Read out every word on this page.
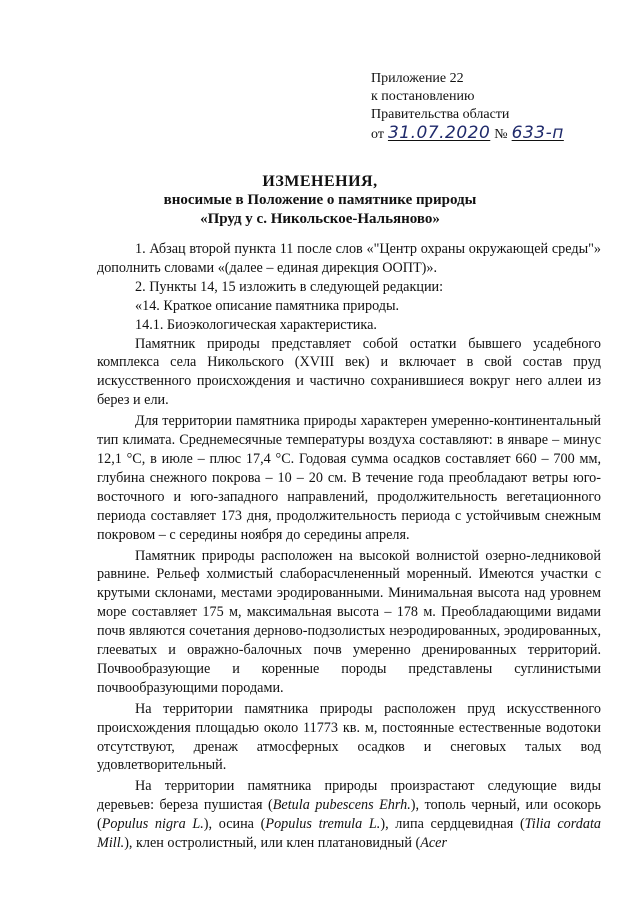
Приложение 22
к постановлению
Правительства области
от 31.07.2020 № 633-п
ИЗМЕНЕНИЯ,
вносимые в Положение о памятнике природы
«Пруд у с. Никольское-Нальяново»

1. Абзац второй пункта 11 после слов «"Центр охраны окружающей среды"» дополнить словами «(далее – единая дирекция ООПТ)».

2. Пункты 14, 15 изложить в следующей редакции:

«14. Краткое описание памятника природы.

14.1. Биоэкологическая характеристика.

Памятник природы представляет собой остатки бывшего усадебного комплекса села Никольского (XVIII век) и включает в свой состав пруд искусственного происхождения и частично сохранившиеся вокруг него аллеи из берез и ели.

Для территории памятника природы характерен умеренно-континентальный тип климата. Среднемесячные температуры воздуха составляют: в январе – минус 12,1 °С, в июле – плюс 17,4 °С. Годовая сумма осадков составляет 660 – 700 мм, глубина снежного покрова – 10 – 20 см. В течение года преобладают ветры юго-восточного и юго-западного направлений, продолжительность вегетационного периода составляет 173 дня, продолжительность периода с устойчивым снежным покровом – с середины ноября до середины апреля.

Памятник природы расположен на высокой волнистой озерно-ледниковой равнине. Рельеф холмистый слаборасчлененный моренный. Имеются участки с крутыми склонами, местами эродированными. Минимальная высота над уровнем море составляет 175 м, максимальная высота – 178 м. Преобладающими видами почв являются сочетания дерново-подзолистых неэродированных, эродированных, глееватых и овражно-балочных почв умеренно дренированных территорий. Почвообразующие и коренные породы представлены суглинистыми почвообразующими породами.

На территории памятника природы расположен пруд искусственного происхождения площадью около 11773 кв. м, постоянные естественные водотоки отсутствуют, дренаж атмосферных осадков и снеговых талых вод удовлетворительный.

На территории памятника природы произрастают следующие виды деревьев: береза пушистая (Betula pubescens Ehrh.), тополь черный, или осокорь (Populus nigra L.), осина (Populus tremula L.), липа сердцевидная (Tilia cordata Mill.), клен остролистный, или клен платановидный (Acer
